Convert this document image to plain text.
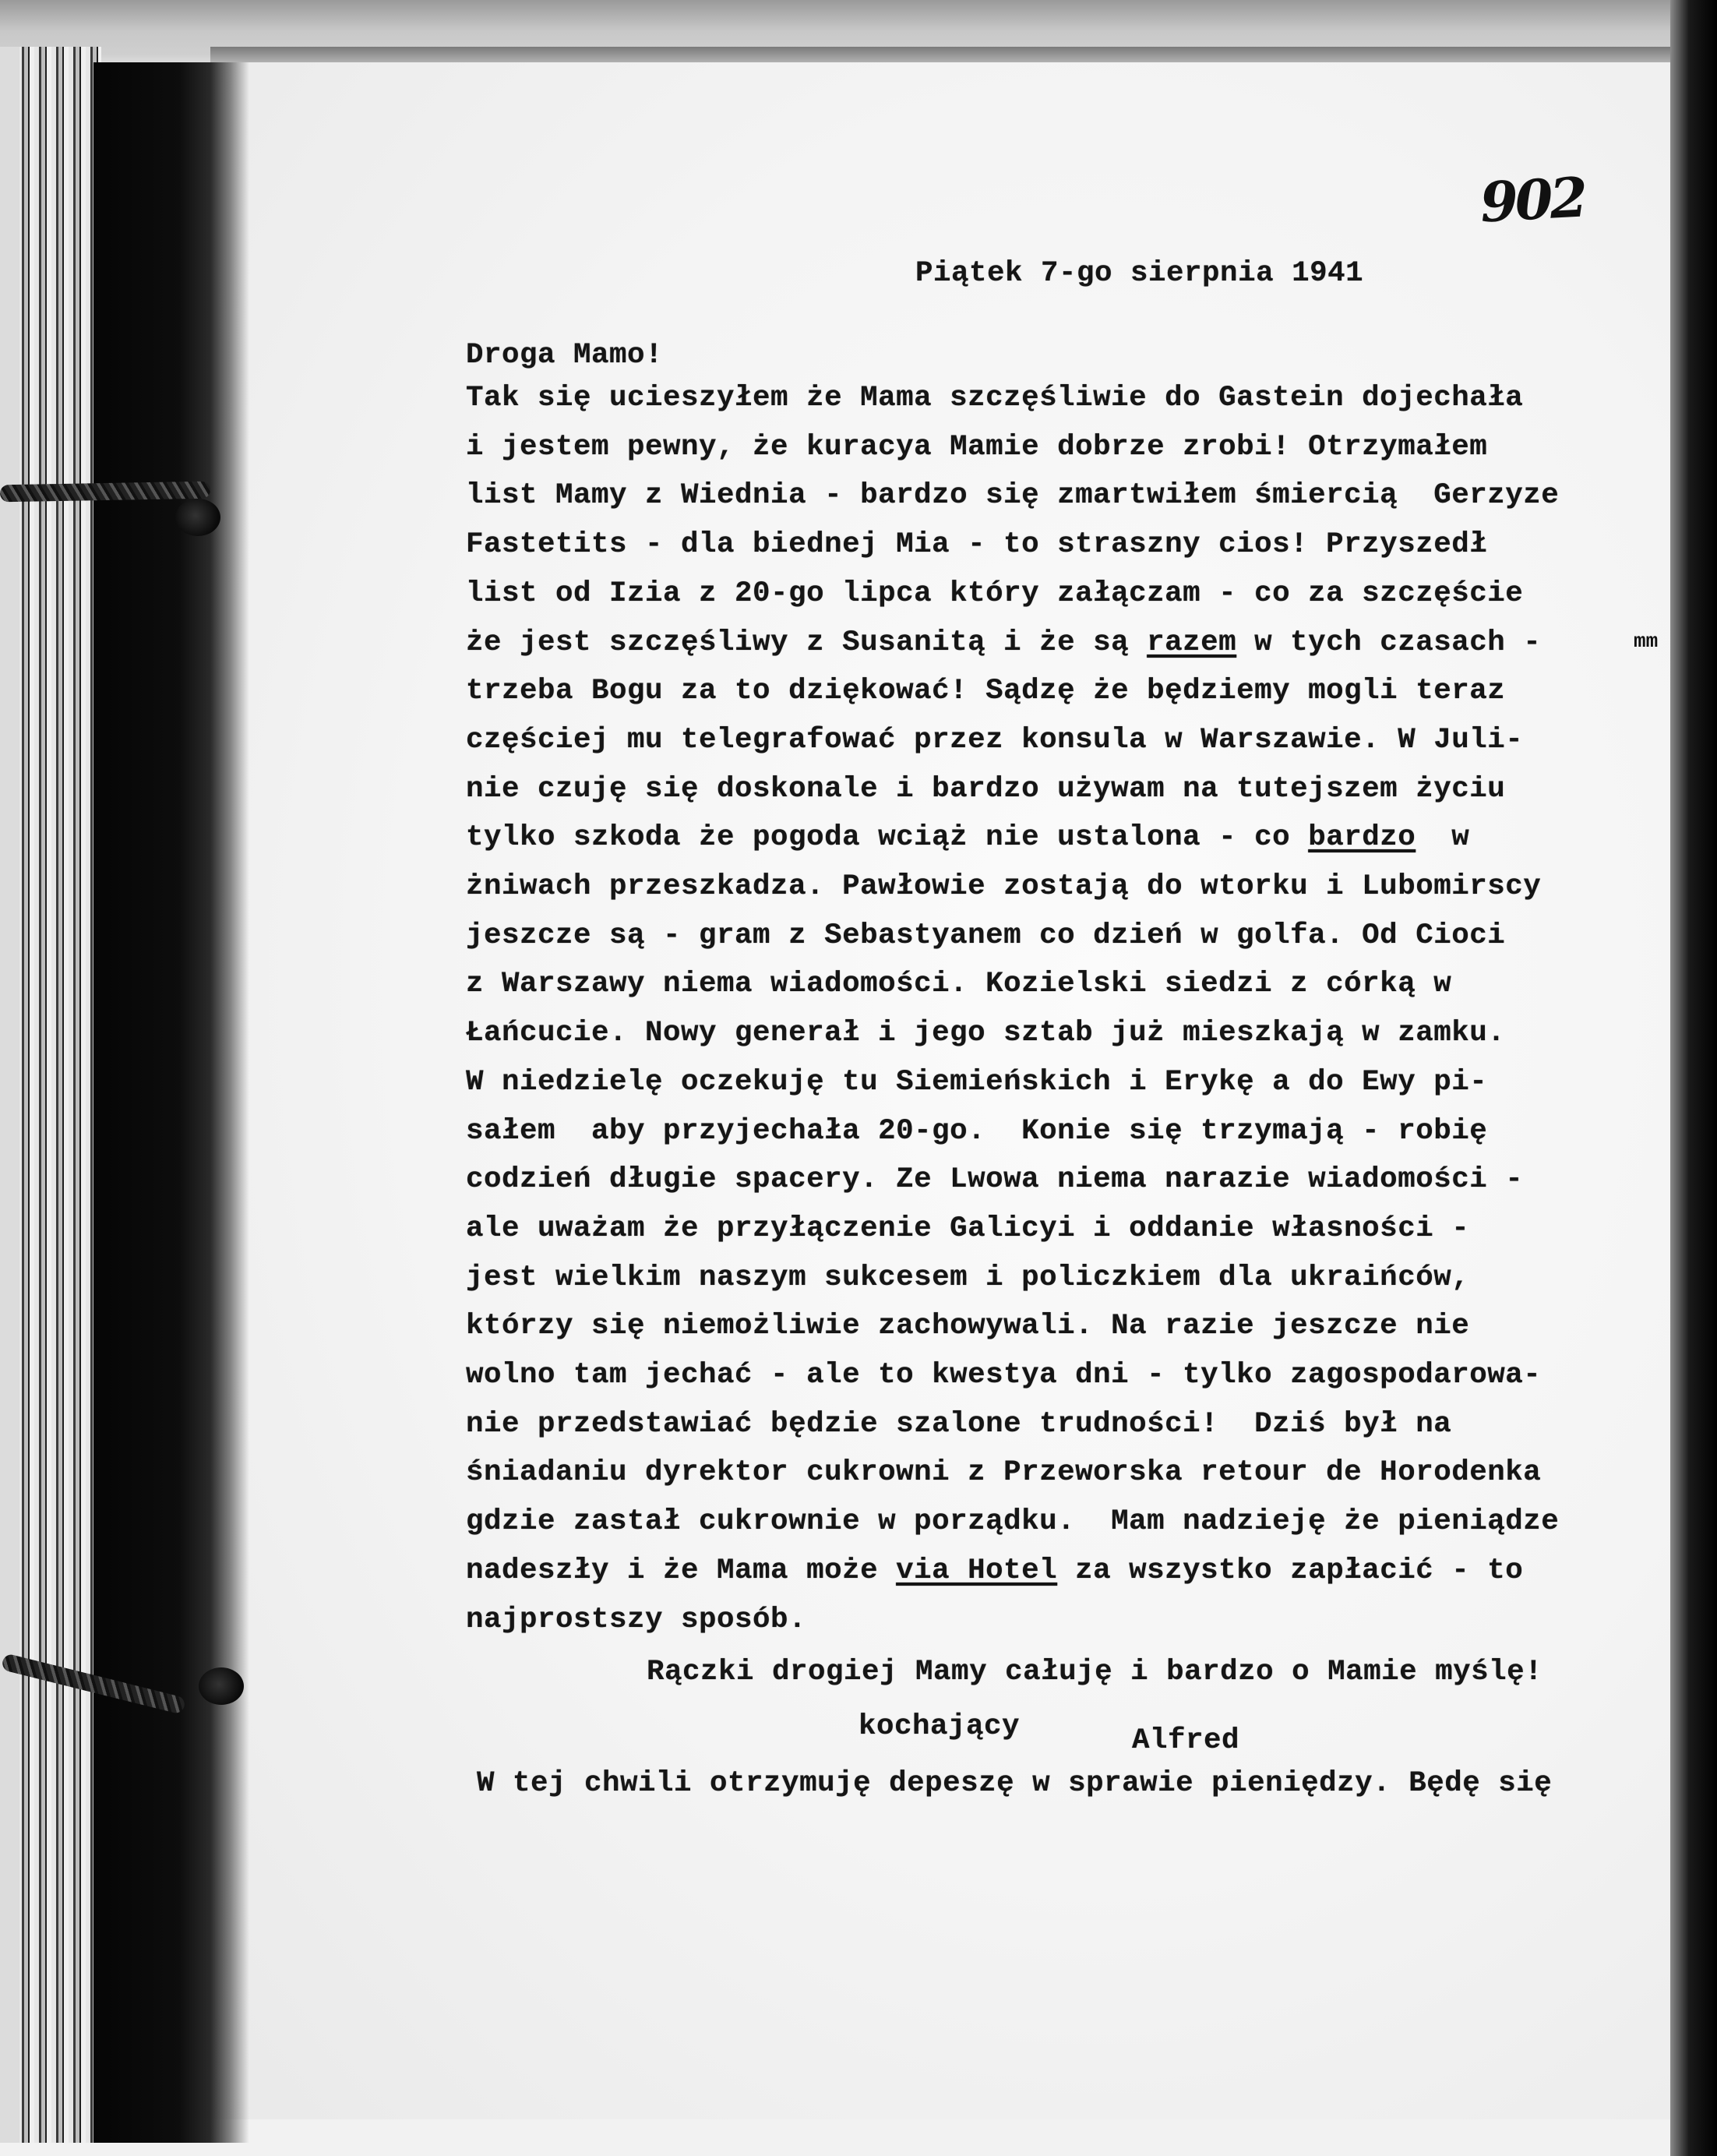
902
Piątek 7-go sierpnia 1941
Droga Mamo!
Tak się ucieszyłem że Mama szczęśliwie do Gastein dojechała
i jestem pewny, że kuracya Mamie dobrze zrobi! Otrzymałem
list Mamy z Wiednia - bardzo się zmartwiłem śmiercią  Gerzyze
Fastetits - dla biednej Mia - to straszny cios! Przyszedł
list od Izia z 20-go lipca który załączam - co za szczęście
że jest szczęśliwy z Susanitą i że są razem w tych czasach -
trzeba Bogu za to dziękować! Sądzę że będziemy mogli teraz
częściej mu telegrafować przez konsula w Warszawie. W Juli-
nie czuję się doskonale i bardzo używam na tutejszem życiu
tylko szkoda że pogoda wciąż nie ustalona - co bardzo  w
żniwach przeszkadza. Pawłowie zostają do wtorku i Lubomirscy
jeszcze są - gram z Sebastyanem co dzień w golfa. Od Cioci
z Warszawy niema wiadomości. Kozielski siedzi z córką w
Łańcucie. Nowy generał i jego sztab już mieszkają w zamku.
W niedzielę oczekuję tu Siemieńskich i Erykę a do Ewy pi-
sałem  aby przyjechała 20-go.  Konie się trzymają - robię
codzień długie spacery. Ze Lwowa niema narazie wiadomości -
ale uważam że przyłączenie Galicyi i oddanie własności -
jest wielkim naszym sukcesem i policzkiem dla ukraińców,
którzy się niemożliwie zachowywali. Na razie jeszcze nie
wolno tam jechać - ale to kwestya dni - tylko zagospodarowa-
nie przedstawiać będzie szalone trudności!  Dziś był na
śniadaniu dyrektor cukrowni z Przeworska retour de Horodenka
gdzie zastał cukrownie w porządku.  Mam nadzieję że pieniądze
nadeszły i że Mama może via Hotel za wszystko zapłacić - to
najprostszy sposób.
mm
Rączki drogiej Mamy całuję i bardzo o Mamie myślę!
kochający	Alfred
W tej chwili otrzymuję depeszę w sprawie pieniędzy. Będę się
